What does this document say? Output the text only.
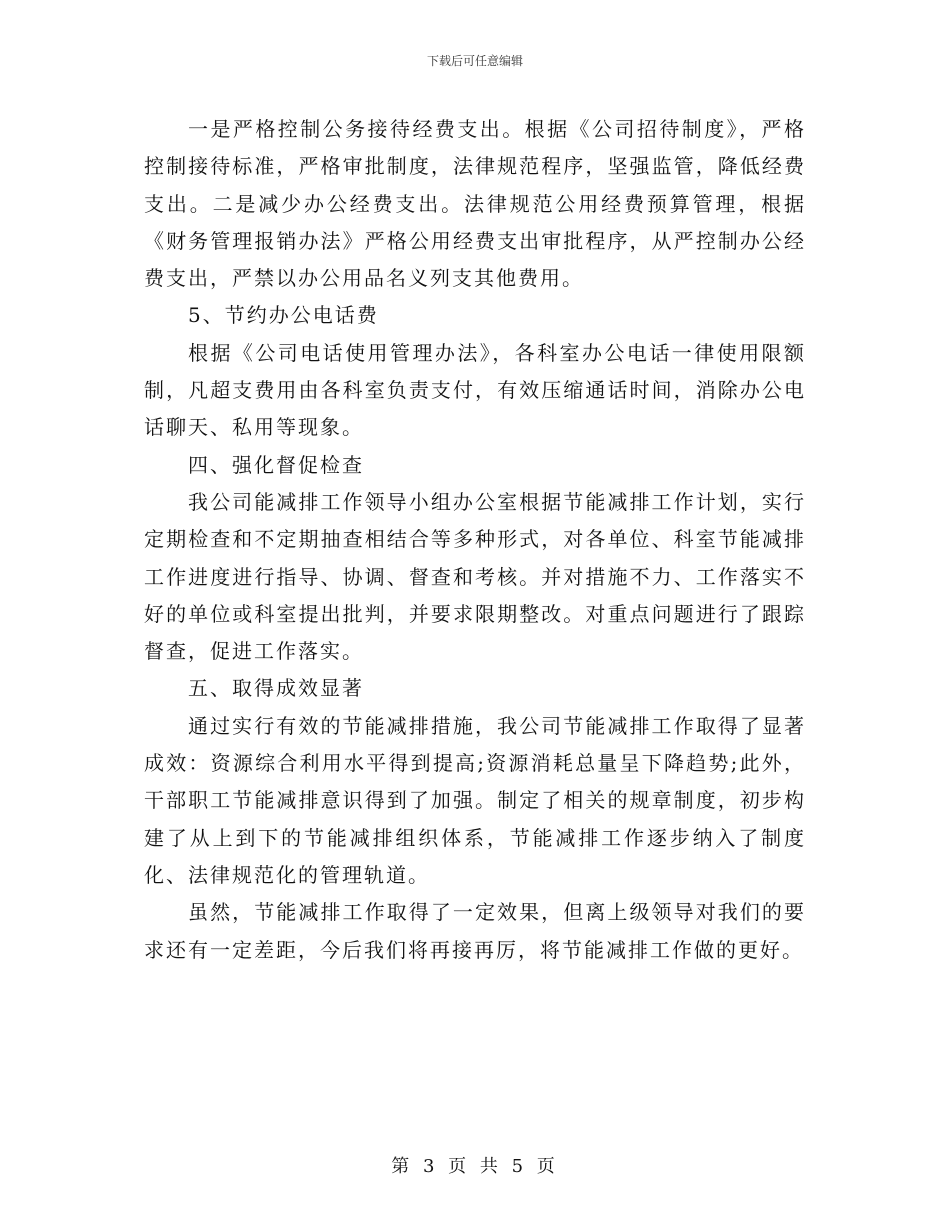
下载后可任意编辑

一是严格控制公务接待经费支出。根据《公司招待制度》，严格控制接待标准，严格审批制度，法律规范程序，坚强监管，降低经费支出。二是减少办公经费支出。法律规范公用经费预算管理，根据《财务管理报销办法》严格公用经费支出审批程序，从严控制办公经费支出，严禁以办公用品名义列支其他费用。

5、节约办公电话费

根据《公司电话使用管理办法》，各科室办公电话一律使用限额制，凡超支费用由各科室负责支付，有效压缩通话时间，消除办公电话聊天、私用等现象。

四、强化督促检查

我公司能减排工作领导小组办公室根据节能减排工作计划，实行定期检查和不定期抽查相结合等多种形式，对各单位、科室节能减排工作进度进行指导、协调、督查和考核。并对措施不力、工作落实不好的单位或科室提出批判，并要求限期整改。对重点问题进行了跟踪督查，促进工作落实。

五、取得成效显著

通过实行有效的节能减排措施，我公司节能减排工作取得了显著成效：资源综合利用水平得到提高;资源消耗总量呈下降趋势;此外，干部职工节能减排意识得到了加强。制定了相关的规章制度，初步构建了从上到下的节能减排组织体系，节能减排工作逐步纳入了制度化、法律规范化的管理轨道。

虽然，节能减排工作取得了一定效果，但离上级领导对我们的要求还有一定差距，今后我们将再接再厉，将节能减排工作做的更好。

第 3 页 共 5 页
